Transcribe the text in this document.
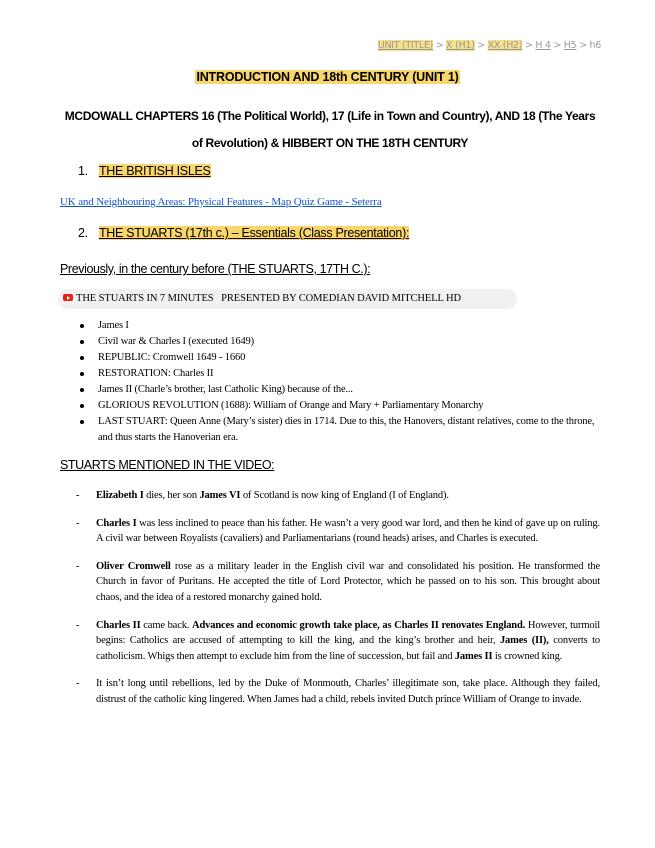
UNIT (TITLE) > X (H1) > XX (H2) > H 4 > H5 > h6
INTRODUCTION AND 18th CENTURY (UNIT 1)
MCDOWALL CHAPTERS 16 (The Political World), 17 (Life in Town and Country), AND 18 (The Years of Revolution) & HIBBERT ON THE 18TH CENTURY
1. THE BRITISH ISLES
UK and Neighbouring Areas: Physical Features - Map Quiz Game - Seterra
2. THE STUARTS (17th c.) – Essentials (Class Presentation):
Previously, in the century before (THE STUARTS, 17TH C.):
THE STUARTS IN 7 MINUTES   PRESENTED BY COMEDIAN DAVID MITCHELL HD
James I
Civil war & Charles I (executed 1649)
REPUBLIC: Cromwell 1649 - 1660
RESTORATION: Charles II
James II (Charle’s brother, last Catholic King) because of the...
GLORIOUS REVOLUTION (1688): William of Orange and Mary + Parliamentary Monarchy
LAST STUART: Queen Anne (Mary’s sister) dies in 1714. Due to this, the Hanovers, distant relatives, come to the throne, and thus starts the Hanoverian era.
STUARTS MENTIONED IN THE VIDEO:
- Elizabeth I dies, her son James VI of Scotland is now king of England (I of England).
- Charles I was less inclined to peace than his father. He wasn’t a very good war lord, and then he kind of gave up on ruling. A civil war between Royalists (cavaliers) and Parliamentarians (round heads) arises, and Charles is executed.
- Oliver Cromwell rose as a military leader in the English civil war and consolidated his position. He transformed the Church in favor of Puritans. He accepted the title of Lord Protector, which he passed on to his son. This brought about chaos, and the idea of a restored monarchy gained hold.
- Charles II came back. Advances and economic growth take place, as Charles II renovates England. However, turmoil begins: Catholics are accused of attempting to kill the king, and the king’s brother and heir, James (II), converts to catholicism. Whigs then attempt to exclude him from the line of succession, but fail and James II is crowned king.
- It isn’t long until rebellions, led by the Duke of Monmouth, Charles’ illegitimate son, take place. Although they failed, distrust of the catholic king lingered. When James had a child, rebels invited Dutch prince William of Orange to invade.
